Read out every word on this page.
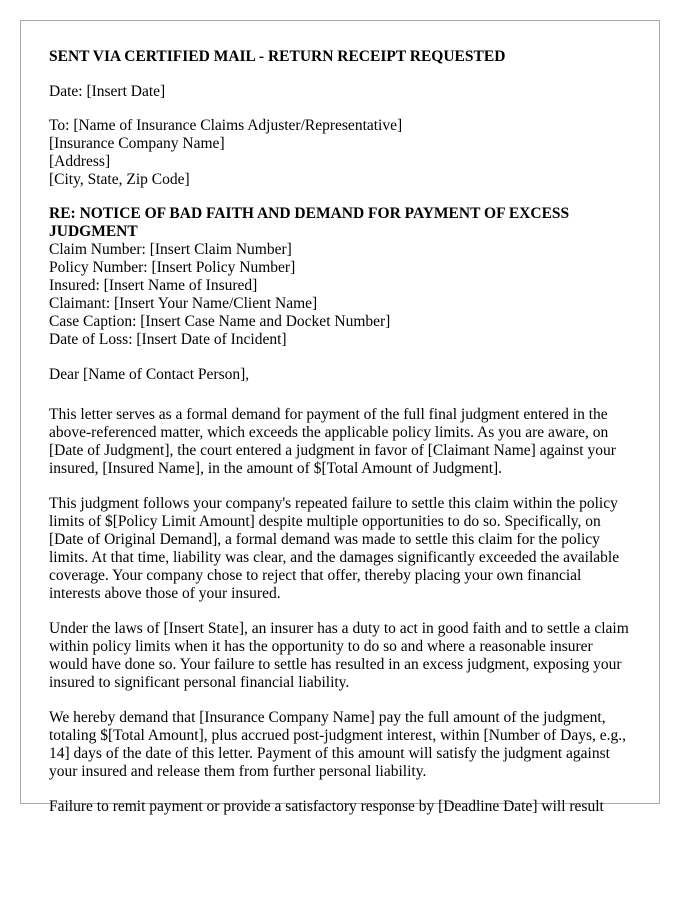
SENT VIA CERTIFIED MAIL - RETURN RECEIPT REQUESTED
Date: [Insert Date]
To: [Name of Insurance Claims Adjuster/Representative]
[Insurance Company Name]
[Address]
[City, State, Zip Code]
RE: NOTICE OF BAD FAITH AND DEMAND FOR PAYMENT OF EXCESS JUDGMENT
Claim Number: [Insert Claim Number]
Policy Number: [Insert Policy Number]
Insured: [Insert Name of Insured]
Claimant: [Insert Your Name/Client Name]
Case Caption: [Insert Case Name and Docket Number]
Date of Loss: [Insert Date of Incident]
Dear [Name of Contact Person],

This letter serves as a formal demand for payment of the full final judgment entered in the above-referenced matter, which exceeds the applicable policy limits. As you are aware, on [Date of Judgment], the court entered a judgment in favor of [Claimant Name] against your insured, [Insured Name], in the amount of $[Total Amount of Judgment].

This judgment follows your company's repeated failure to settle this claim within the policy limits of $[Policy Limit Amount] despite multiple opportunities to do so. Specifically, on [Date of Original Demand], a formal demand was made to settle this claim for the policy limits. At that time, liability was clear, and the damages significantly exceeded the available coverage. Your company chose to reject that offer, thereby placing your own financial interests above those of your insured.

Under the laws of [Insert State], an insurer has a duty to act in good faith and to settle a claim within policy limits when it has the opportunity to do so and where a reasonable insurer would have done so. Your failure to settle has resulted in an excess judgment, exposing your insured to significant personal financial liability.

We hereby demand that [Insurance Company Name] pay the full amount of the judgment, totaling $[Total Amount], plus accrued post-judgment interest, within [Number of Days, e.g., 14] days of the date of this letter. Payment of this amount will satisfy the judgment against your insured and release them from further personal liability.

Failure to remit payment or provide a satisfactory response by [Deadline Date] will result
